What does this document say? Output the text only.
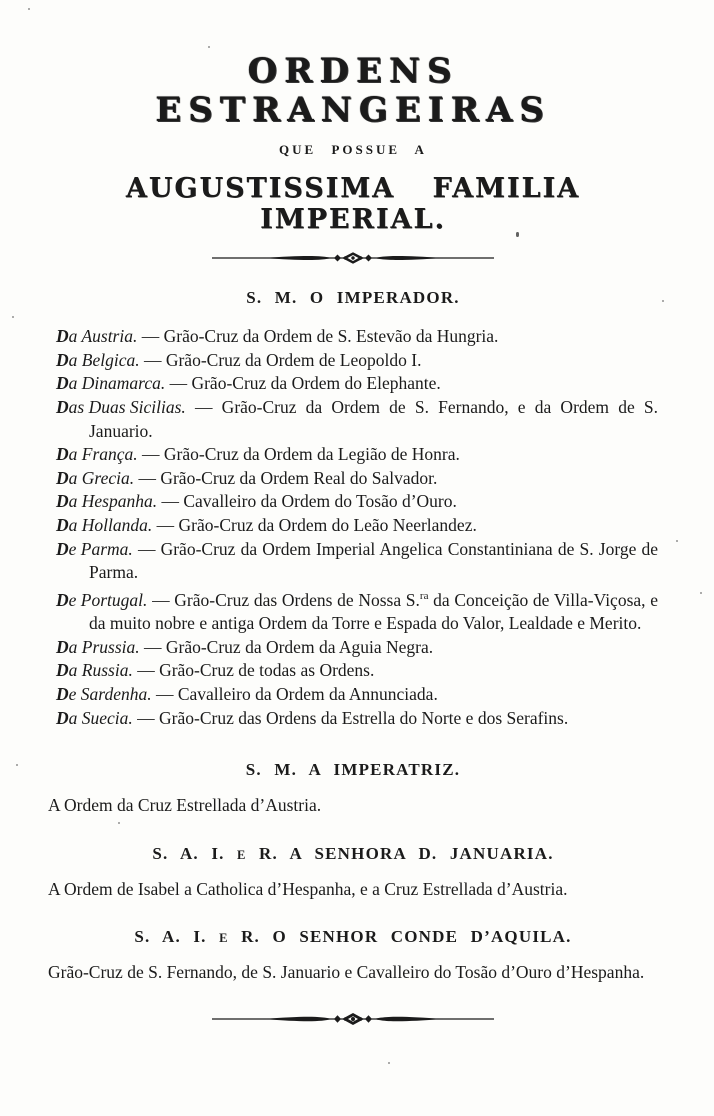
ORDENS ESTRANGEIRAS
QUE POSSUE A
AUGUSTISSIMA FAMILIA IMPERIAL.
S. M. O IMPERADOR.

Da Austria. — Grão-Cruz da Ordem de S. Estevão da Hungria.

Da Belgica. — Grão-Cruz da Ordem de Leopoldo I.

Da Dinamarca. — Grão-Cruz da Ordem do Elephante.

Das Duas Sicilias. — Grão-Cruz da Ordem de S. Fernando, e da Ordem de S. Januario.

Da França. — Grão-Cruz da Ordem da Legião de Honra.

Da Grecia. — Grão-Cruz da Ordem Real do Salvador.

Da Hespanha. — Cavalleiro da Ordem do Tosão d’Ouro.

Da Hollanda. — Grão-Cruz da Ordem do Leão Neerlandez.

De Parma. — Grão-Cruz da Ordem Imperial Angelica Constantiniana de S. Jorge de Parma.

De Portugal. — Grão-Cruz das Ordens de Nossa S.$^{ra}$ da Conceição de Villa-Viçosa, e da muito nobre e antiga Ordem da Torre e Espada do Valor, Lealdade e Merito.

Da Prussia. — Grão-Cruz da Ordem da Aguia Negra.

Da Russia. — Grão-Cruz de todas as Ordens.

De Sardenha. — Cavalleiro da Ordem da Annunciada.

Da Suecia. — Grão-Cruz das Ordens da Estrella do Norte e dos Serafins.

S. M. A IMPERATRIZ.

A Ordem da Cruz Estrellada d’Austria.

S. A. I. E R. A SENHORA D. JANUARIA.

A Ordem de Isabel a Catholica d’Hespanha, e a Cruz Estrellada d’Austria.

S. A. I. E R. O SENHOR CONDE D’AQUILA.

Grão-Cruz de S. Fernando, de S. Januario e Cavalleiro do Tosão d’Ouro d’Hespanha.
